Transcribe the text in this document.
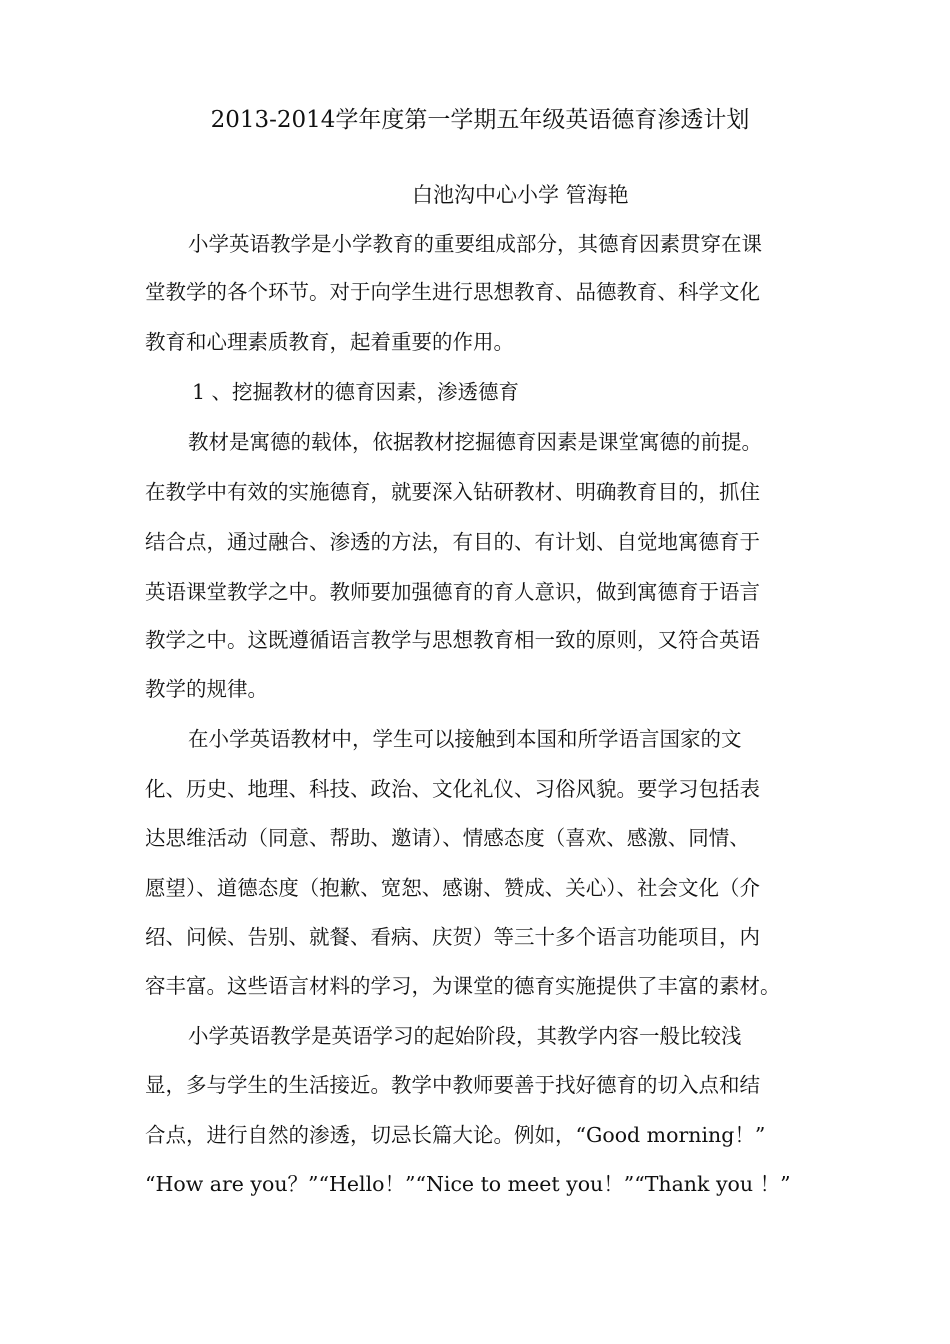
2013-2014学年度第一学期五年级英语德育渗透计划
白池沟中心小学 管海艳
小学英语教学是小学教育的重要组成部分，其德育因素贯穿在课
堂教学的各个环节。对于向学生进行思想教育、品德教育、科学文化
教育和心理素质教育，起着重要的作用。
1 、挖掘教材的德育因素，渗透德育
教材是寓德的载体，依据教材挖掘德育因素是课堂寓德的前提。
在教学中有效的实施德育，就要深入钻研教材、明确教育目的，抓住
结合点，通过融合、渗透的方法，有目的、有计划、自觉地寓德育于
英语课堂教学之中。教师要加强德育的育人意识，做到寓德育于语言
教学之中。这既遵循语言教学与思想教育相一致的原则，又符合英语
教学的规律。
在小学英语教材中，学生可以接触到本国和所学语言国家的文
化、历史、地理、科技、政治、文化礼仪、习俗风貌。要学习包括表
达思维活动（同意、帮助、邀请）、情感态度（喜欢、感激、同情、
愿望）、道德态度（抱歉、宽恕、感谢、赞成、关心）、社会文化（介
绍、问候、告别、就餐、看病、庆贺）等三十多个语言功能项目，内
容丰富。这些语言材料的学习，为课堂的德育实施提供了丰富的素材。
小学英语教学是英语学习的起始阶段，其教学内容一般比较浅
显，多与学生的生活接近。教学中教师要善于找好德育的切入点和结
合点，进行自然的渗透，切忌长篇大论。例如，“Good morning！”
“How are you？”“Hello！”“Nice to meet you！”“Thank you ！”
